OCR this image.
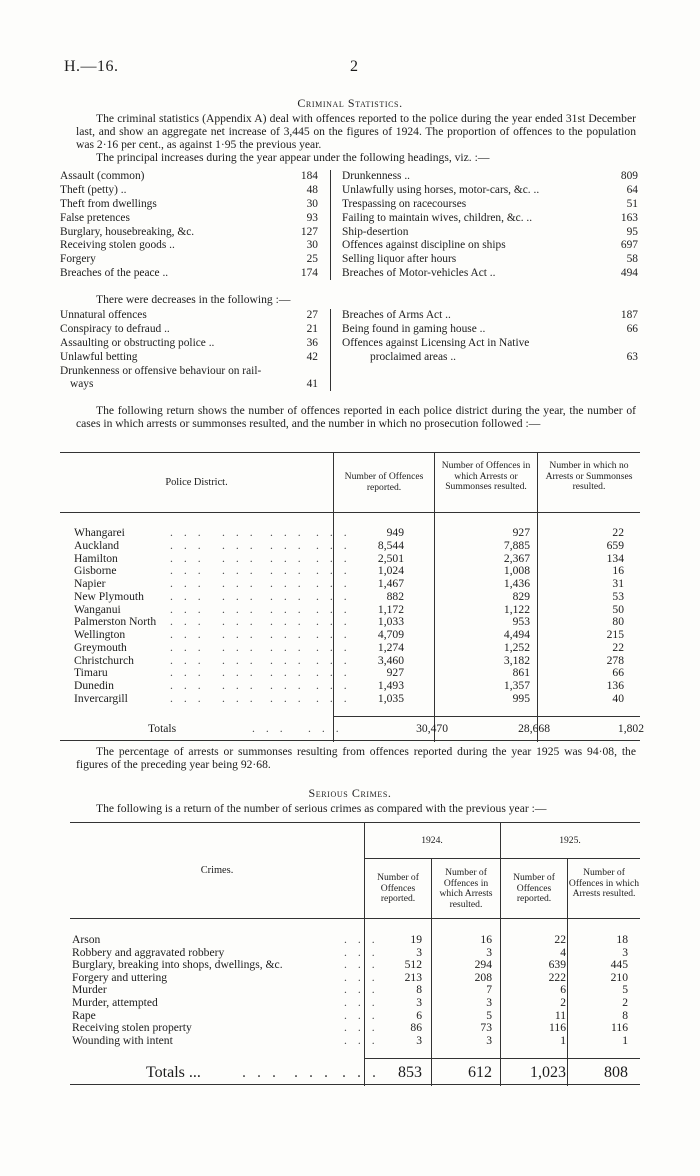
H.—16.	2
Criminal Statistics.
The criminal statistics (Appendix A) deal with offences reported to the police during the year ended 31st December last, and show an aggregate net increase of 3,445 on the figures of 1924. The proportion of offences to the population was 2·16 per cent., as against 1·95 the previous year.
The principal increases during the year appear under the following headings, viz. :—
Assault (common)	184
Theft (petty) ..	48
Theft from dwellings	30
False pretences	93
Burglary, housebreaking, &c.	127
Receiving stolen goods ..	30
Forgery	25
Breaches of the peace ..	174
Drunkenness ..	809
Unlawfully using horses, motor-cars, &c. ..	64
Trespassing on racecourses	51
Failing to maintain wives, children, &c. ..	163
Ship-desertion	95
Offences against discipline on ships	697
Selling liquor after hours	58
Breaches of Motor-vehicles Act ..	494
There were decreases in the following :—
Unnatural offences	27
Conspiracy to defraud ..	21
Assaulting or obstructing police ..	36
Unlawful betting	42
Drunkenness or offensive behaviour on rail-
ways	41
Breaches of Arms Act ..	187
Being found in gaming house ..	66
Offences against Licensing Act in Native
proclaimed areas ..	63
The following return shows the number of offences reported in each police district during the year, the number of cases in which arrests or summonses resulted, and the number in which no prosecution followed :—
Police District.
Number of Offences reported.
Number of Offences in which Arrests or Summonses resulted.
Number in which no Arrests or Summonses resulted.
Whangarei	... ... ... ...	949	927	22
Auckland	... ... ... ...	8,544	7,885	659
Hamilton	... ... ... ...	2,501	2,367	134
Gisborne	... ... ... ...	1,024	1,008	16
Napier	... ... ... ...	1,467	1,436	31
New Plymouth ... ... ... ...	882	829	53
Wanganui	... ... ... ...	1,172	1,122	50
Palmerston North ... ... ... ...	1,033	953	80
Wellington	... ... ... ...	4,709	4,494	215
Greymouth	... ... ... ...	1,274	1,252	22
Christchurch	... ... ... ...	3,460	3,182	278
Timaru	... ... ... ...	927	861	66
Dunedin	... ... ... ...	1,493	1,357	136
Invercargill	... ... ... ...	1,035	995	40
Totals	... ...	30,470	28,668	1,802
The percentage of arrests or summonses resulting from offences reported during the year 1925 was 94·08, the figures of the preceding year being 92·68.
Serious Crimes.
The following is a return of the number of serious crimes as compared with the previous year :—
Crimes.
1924.	1925.
Number of Offences reported.
Number of Offences in which Arrests resulted.
Number of Offences reported.
Number of Offences in which Arrests resulted.
Arson	...	19	16	22	18
Robbery and aggravated robbery	...	3	3	4	3
Burglary, breaking into shops, dwellings, &c.	...	512	294	639	445
Forgery and uttering	...	213	208	222	210
Murder	...	8	7	6	5
Murder, attempted	...	3	3	2	2
Rape	...	6	5	11	8
Receiving stolen property	...	86	73	116	116
Wounding with intent	...	3	3	1	1
Totals ...	... ... ... 853	612	1,023	808
